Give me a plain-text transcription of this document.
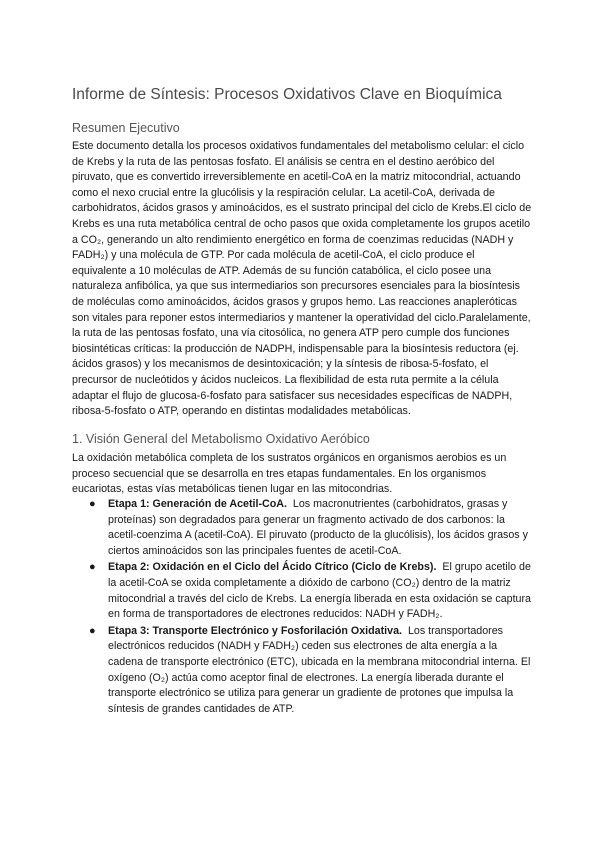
Informe de Síntesis: Procesos Oxidativos Clave en Bioquímica
Resumen Ejecutivo

Este documento detalla los procesos oxidativos fundamentales del metabolismo celular: el ciclo de Krebs y la ruta de las pentosas fosfato. El análisis se centra en el destino aeróbico del piruvato, que es convertido irreversiblemente en acetil-CoA en la matriz mitocondrial, actuando como el nexo crucial entre la glucólisis y la respiración celular. La acetil-CoA, derivada de carbohidratos, ácidos grasos y aminoácidos, es el sustrato principal del ciclo de Krebs.El ciclo de Krebs es una ruta metabólica central de ocho pasos que oxida completamente los grupos acetilo a CO₂, generando un alto rendimiento energético en forma de coenzimas reducidas (NADH y FADH₂) y una molécula de GTP. Por cada molécula de acetil-CoA, el ciclo produce el equivalente a 10 moléculas de ATP. Además de su función catabólica, el ciclo posee una naturaleza anfibólica, ya que sus intermediarios son precursores esenciales para la biosíntesis de moléculas como aminoácidos, ácidos grasos y grupos hemo. Las reacciones anapleróticas son vitales para reponer estos intermediarios y mantener la operatividad del ciclo.Paralelamente, la ruta de las pentosas fosfato, una vía citosólica, no genera ATP pero cumple dos funciones biosintéticas críticas: la producción de NADPH, indispensable para la biosíntesis reductora (ej. ácidos grasos) y los mecanismos de desintoxicación; y la síntesis de ribosa-5-fosfato, el precursor de nucleótidos y ácidos nucleicos. La flexibilidad de esta ruta permite a la célula adaptar el flujo de glucosa-6-fosfato para satisfacer sus necesidades específicas de NADPH, ribosa-5-fosfato o ATP, operando en distintas modalidades metabólicas.

1. Visión General del Metabolismo Oxidativo Aeróbico

La oxidación metabólica completa de los sustratos orgánicos en organismos aerobios es un proceso secuencial que se desarrolla en tres etapas fundamentales. En los organismos eucariotas, estas vías metabólicas tienen lugar en las mitocondrias.

● Etapa 1: Generación de Acetil-CoA. Los macronutrientes (carbohidratos, grasas y proteínas) son degradados para generar un fragmento activado de dos carbonos: la acetil-coenzima A (acetil-CoA). El piruvato (producto de la glucólisis), los ácidos grasos y ciertos aminoácidos son las principales fuentes de acetil-CoA.
● Etapa 2: Oxidación en el Ciclo del Ácido Cítrico (Ciclo de Krebs). El grupo acetilo de la acetil-CoA se oxida completamente a dióxido de carbono (CO₂) dentro de la matriz mitocondrial a través del ciclo de Krebs. La energía liberada en esta oxidación se captura en forma de transportadores de electrones reducidos: NADH y FADH₂.
● Etapa 3: Transporte Electrónico y Fosforilación Oxidativa. Los transportadores electrónicos reducidos (NADH y FADH₂) ceden sus electrones de alta energía a la cadena de transporte electrónico (ETC), ubicada en la membrana mitocondrial interna. El oxígeno (O₂) actúa como aceptor final de electrones. La energía liberada durante el transporte electrónico se utiliza para generar un gradiente de protones que impulsa la síntesis de grandes cantidades de ATP.
